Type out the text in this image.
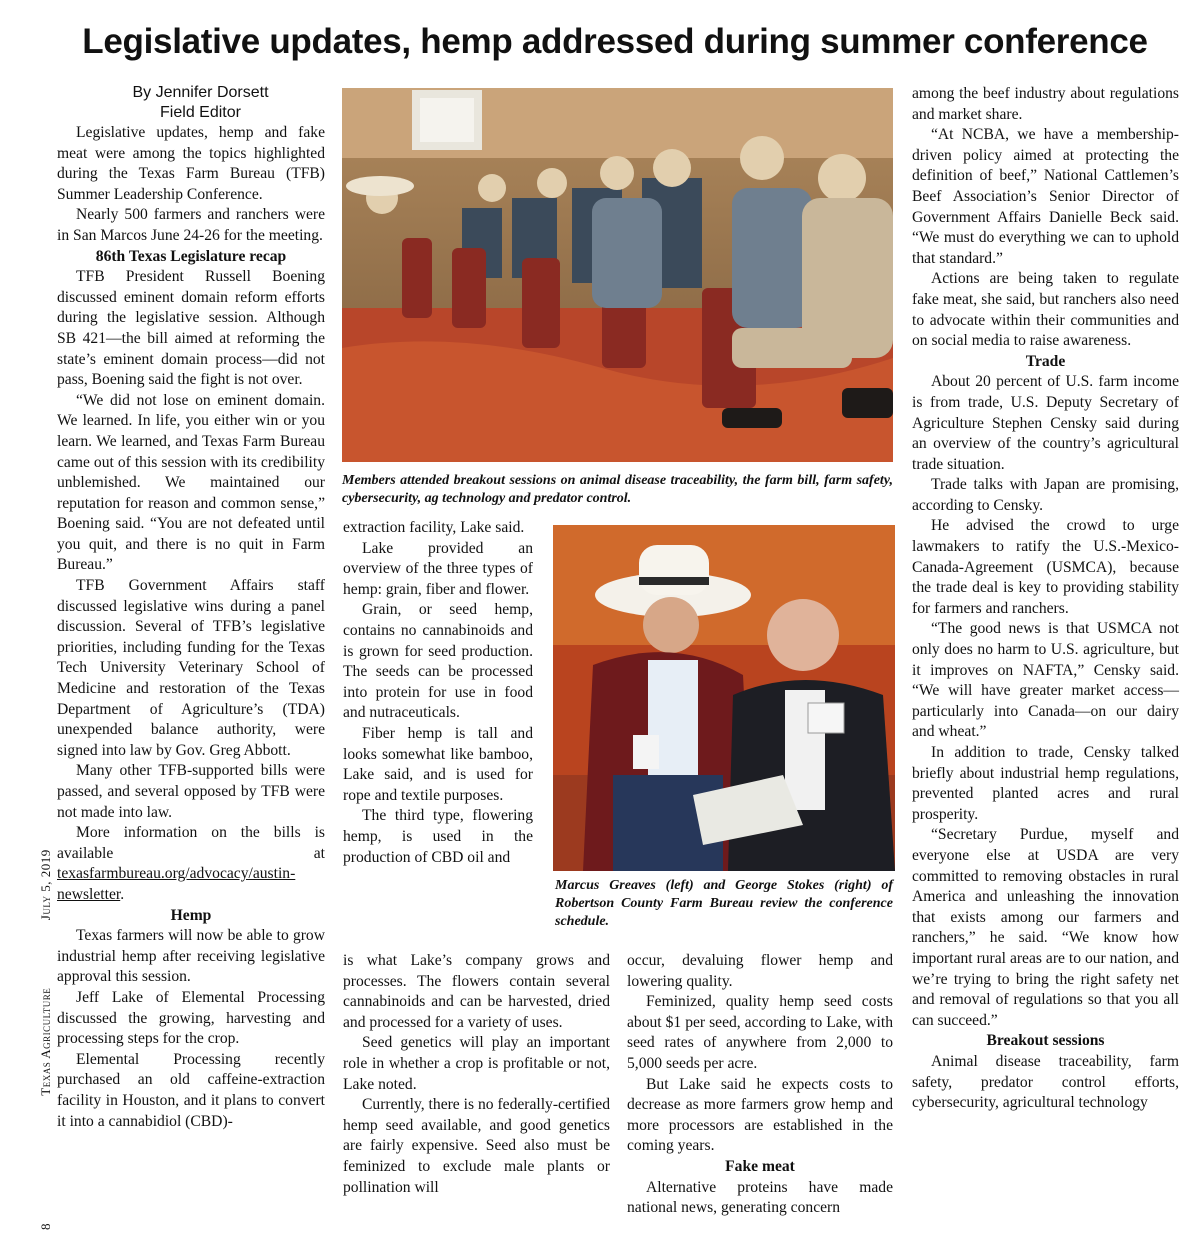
Legislative updates, hemp addressed during summer conference
8  Texas Agriculture  July 5, 2019

By Jennifer Dorsett

Field Editor

Legislative updates, hemp and fake meat were among the topics highlighted during the Texas Farm Bureau (TFB) Summer Leadership Conference.

Nearly 500 farmers and ranchers were in San Marcos June 24-26 for the meeting.

86th Texas Legislature recap

TFB President Russell Boening discussed eminent domain reform efforts during the legislative session. Although SB 421—the bill aimed at reforming the state’s eminent domain process—did not pass, Boening said the fight is not over.

“We did not lose on eminent domain. We learned. In life, you either win or you learn. We learned, and Texas Farm Bureau came out of this session with its credibility unblemished. We maintained our reputation for reason and common sense,” Boening said. “You are not defeated until you quit, and there is no quit in Farm Bureau.”

TFB Government Affairs staff discussed legislative wins during a panel discussion. Several of TFB’s legislative priorities, including funding for the Texas Tech University Veterinary School of Medicine and restoration of the Texas Department of Agriculture’s (TDA) unexpended balance authority, were signed into law by Gov. Greg Abbott.

Many other TFB-supported bills were passed, and several opposed by TFB were not made into law.

More information on the bills is available at texasfarmbureau.org/advocacy/austin-newsletter.

Hemp

Texas farmers will now be able to grow industrial hemp after receiving legislative approval this session.

Jeff Lake of Elemental Processing discussed the growing, harvesting and processing steps for the crop.

Elemental Processing recently purchased an old caffeine-extraction facility in Houston, and it plans to convert it into a cannabidiol (CBD)-

Members attended breakout sessions on animal disease traceability, the farm bill, farm safety, cybersecurity, ag technology and predator control.

extraction facility, Lake said.

Lake provided an overview of the three types of hemp: grain, fiber and flower.

Grain, or seed hemp, contains no cannabinoids and is grown for seed production. The seeds can be processed into protein for use in food and nutraceuticals.

Fiber hemp is tall and looks somewhat like bamboo, Lake said, and is used for rope and textile purposes.

The third type, flowering hemp, is used in the production of CBD oil and

Marcus Greaves (left) and George Stokes (right) of Robertson County Farm Bureau review the conference schedule.

is what Lake’s company grows and processes. The flowers contain several cannabinoids and can be harvested, dried and processed for a variety of uses.

Seed genetics will play an important role in whether a crop is profitable or not, Lake noted.

Currently, there is no federally-certified hemp seed available, and good genetics are fairly expensive. Seed also must be feminized to exclude male plants or pollination will

occur, devaluing flower hemp and lowering quality.

Feminized, quality hemp seed costs about $1 per seed, according to Lake, with seed rates of anywhere from 2,000 to 5,000 seeds per acre.

But Lake said he expects costs to decrease as more farmers grow hemp and more processors are established in the coming years.

Fake meat

Alternative proteins have made national news, generating concern

among the beef industry about regulations and market share.

“At NCBA, we have a membership-driven policy aimed at protecting the definition of beef,” National Cattlemen’s Beef Association’s Senior Director of Government Affairs Danielle Beck said. “We must do everything we can to uphold that standard.”

Actions are being taken to regulate fake meat, she said, but ranchers also need to advocate within their communities and on social media to raise awareness.

Trade

About 20 percent of U.S. farm income is from trade, U.S. Deputy Secretary of Agriculture Stephen Censky said during an overview of the country’s agricultural trade situation.

Trade talks with Japan are promising, according to Censky.

He advised the crowd to urge lawmakers to ratify the U.S.-Mexico-Canada-Agreement (USMCA), because the trade deal is key to providing stability for farmers and ranchers.

“The good news is that USMCA not only does no harm to U.S. agriculture, but it improves on NAFTA,” Censky said. “We will have greater market access—particularly into Canada—on our dairy and wheat.”

In addition to trade, Censky talked briefly about industrial hemp regulations, prevented planted acres and rural prosperity.

“Secretary Purdue, myself and everyone else at USDA are very committed to removing obstacles in rural America and unleashing the innovation that exists among our farmers and ranchers,” he said. “We know how important rural areas are to our nation, and we’re trying to bring the right safety net and removal of regulations so that you all can succeed.”

Breakout sessions

Animal disease traceability, farm safety, predator control efforts, cybersecurity, agricultural technology
